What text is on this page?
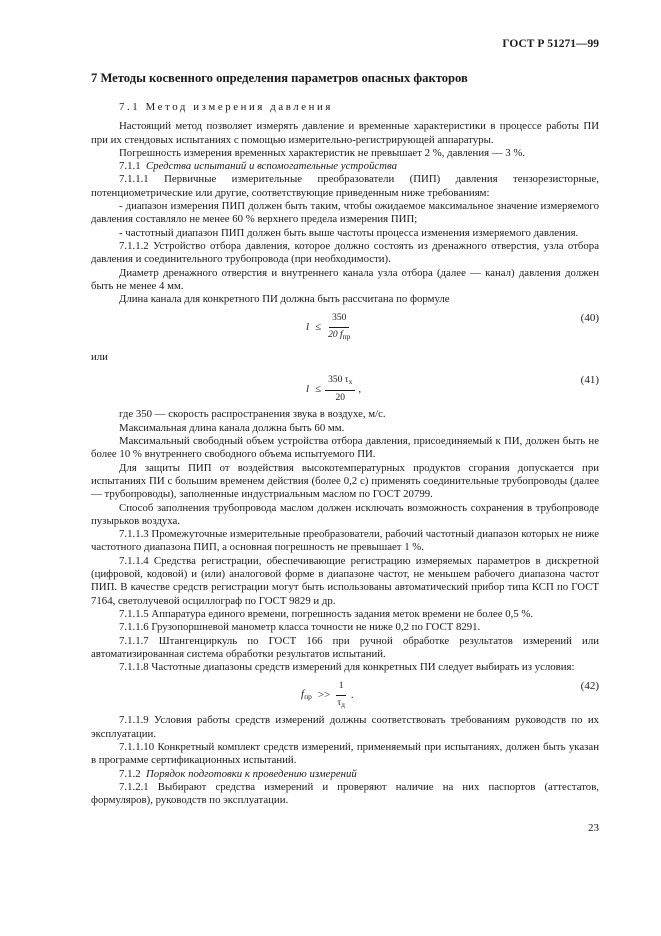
ГОСТ Р 51271—99
7 Методы косвенного определения параметров опасных факторов

7.1 Метод измерения давления

Настоящий метод позволяет измерять давление и временные характеристики в процессе работы ПИ при их стендовых испытаниях с помощью измерительно-регистрирующей аппаратуры.

Погрешность измерения временных характеристик не превышает 2 %, давления — 3 %.

7.1.1 Средства испытаний и вспомогательные устройства

7.1.1.1 Первичные измерительные преобразователи (ПИП) давления тензорезисторные, потенциометрические или другие, соответствующие приведенным ниже требованиям:

- диапазон измерения ПИП должен быть таким, чтобы ожидаемое максимальное значение измеряемого давления составляло не менее 60 % верхнего предела измерения ПИП;

- частотный диапазон ПИП должен быть выше частоты процесса изменения измеряемого давления.

7.1.1.2 Устройство отбора давления, которое должно состоять из дренажного отверстия, узла отбора давления и соединительного трубопровода (при необходимости).

Диаметр дренажного отверстия и внутреннего канала узла отбора (далее — канал) давления должен быть не менее 4 мм.

Длина канала для конкретного ПИ должна быть рассчитана по формуле

$l \le \frac{350}{20 f_{пр}}$	(40)

или

$l \le \frac{350 \tau_x}{20}$ ,
(41)

где 350 — скорость распространения звука в воздухе, м/с.

Максимальная длина канала должна быть 60 мм.

Максимальный свободный объем устройства отбора давления, присоединяемый к ПИ, должен быть не более 10 % внутреннего свободного объема испытуемого ПИ.

Для защиты ПИП от воздействия высокотемпературных продуктов сгорания допускается при испытаниях ПИ с большим временем действия (более 0,2 с) применять соединительные трубопроводы (далее — трубопроводы), заполненные индустриальным маслом по ГОСТ 20799.

Способ заполнения трубопровода маслом должен исключать возможность сохранения в трубопроводе пузырьков воздуха.

7.1.1.3 Промежуточные измерительные преобразователи, рабочий частотный диапазон которых не ниже частотного диапазона ПИП, а основная погрешность не превышает 1 %.

7.1.1.4 Средства регистрации, обеспечивающие регистрацию измеряемых параметров в дискретной (цифровой, кодовой) и (или) аналоговой форме в диапазоне частот, не меньшем рабочего диапазона частот ПИП. В качестве средств регистрации могут быть использованы автоматический прибор типа КСП по ГОСТ 7164, светолучевой осциллограф по ГОСТ 9829 и др.

7.1.1.5 Аппаратура единого времени, погрешность задания меток времени не более 0,5 %.

7.1.1.6 Грузопоршневой манометр класса точности не ниже 0,2 по ГОСТ 8291.

7.1.1.7 Штангенциркуль по ГОСТ 166 при ручной обработке результатов измерений или автоматизированная система обработки результатов испытаний.

7.1.1.8 Частотные диапазоны средств измерений для конкретных ПИ следует выбирать из условия:

$f_{пр} >> \frac{1}{\tau_д}$ .
(42)

7.1.1.9 Условия работы средств измерений должны соответствовать требованиям руководств по их эксплуатации.

7.1.1.10 Конкретный комплект средств измерений, применяемый при испытаниях, должен быть указан в программе сертификационных испытаний.

7.1.2 Порядок подготовки к проведению измерений

7.1.2.1 Выбирают средства измерений и проверяют наличие на них паспортов (аттестатов, формуляров), руководств по эксплуатации.

23
